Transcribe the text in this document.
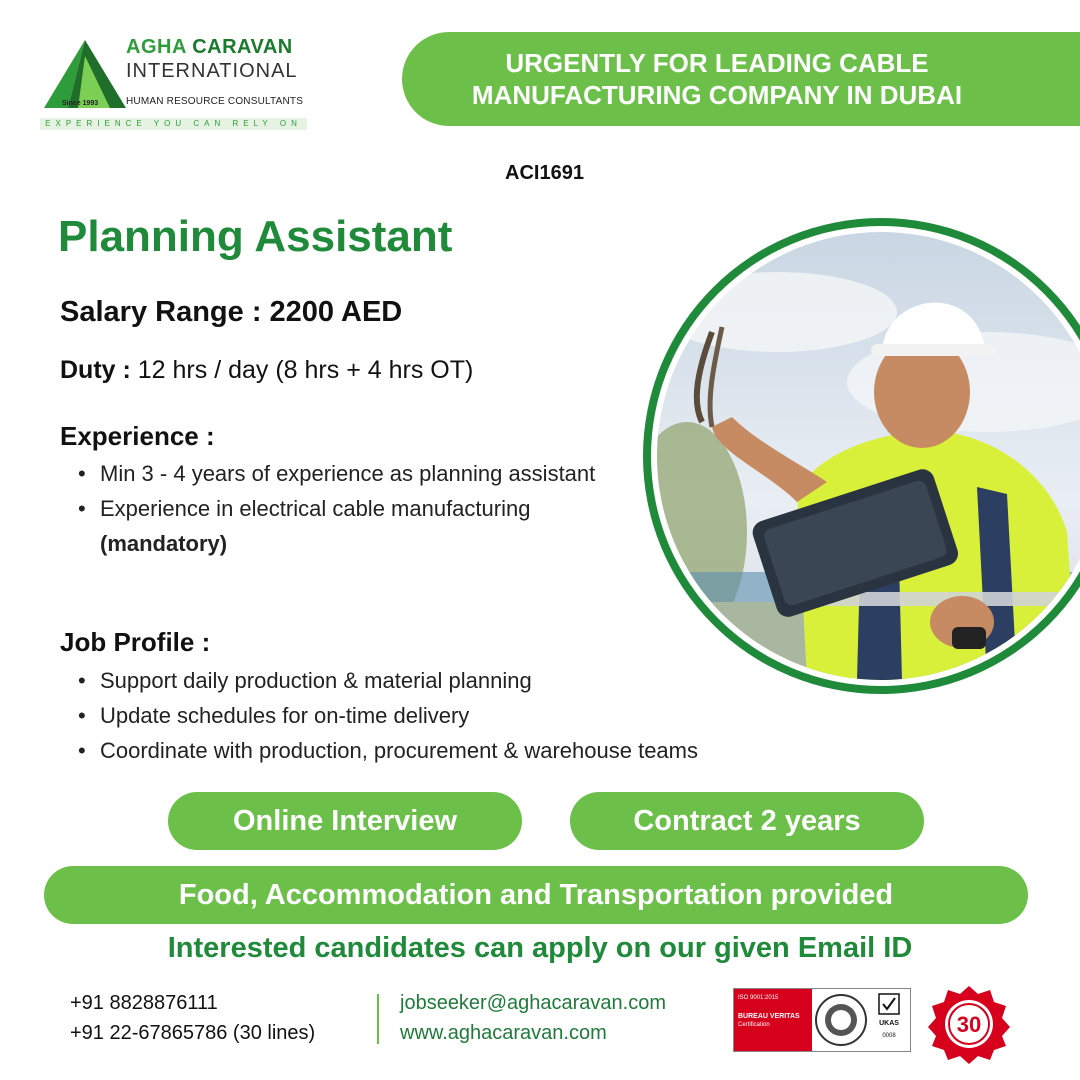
AGHA CARAVAN
INTERNATIONAL
Since 1993	HUMAN RESOURCE CONSULTANTS
EXPERIENCE YOU CAN RELY ON
URGENTLY FOR LEADING CABLE
MANUFACTURING COMPANY IN DUBAI
ACI1691
Planning Assistant
Salary Range : 2200 AED
Duty : 12 hrs / day (8 hrs + 4 hrs OT)
Experience :
• Min 3 - 4 years of experience as planning assistant
• Experience in electrical cable manufacturing
(mandatory)
Job Profile :
• Support daily production & material planning
• Update schedules for on-time delivery
• Coordinate with production, procurement & warehouse teams
Online Interview	Contract 2 years
Food, Accommodation and Transportation provided
Interested candidates can apply on our given Email ID
+91 8828876111
+91 22-67865786 (30 lines)
jobseeker@aghacaravan.com
www.aghacaravan.com
ISO 9001:2015
BUREAU VERITAS
Certification	UKAS
0008	30
